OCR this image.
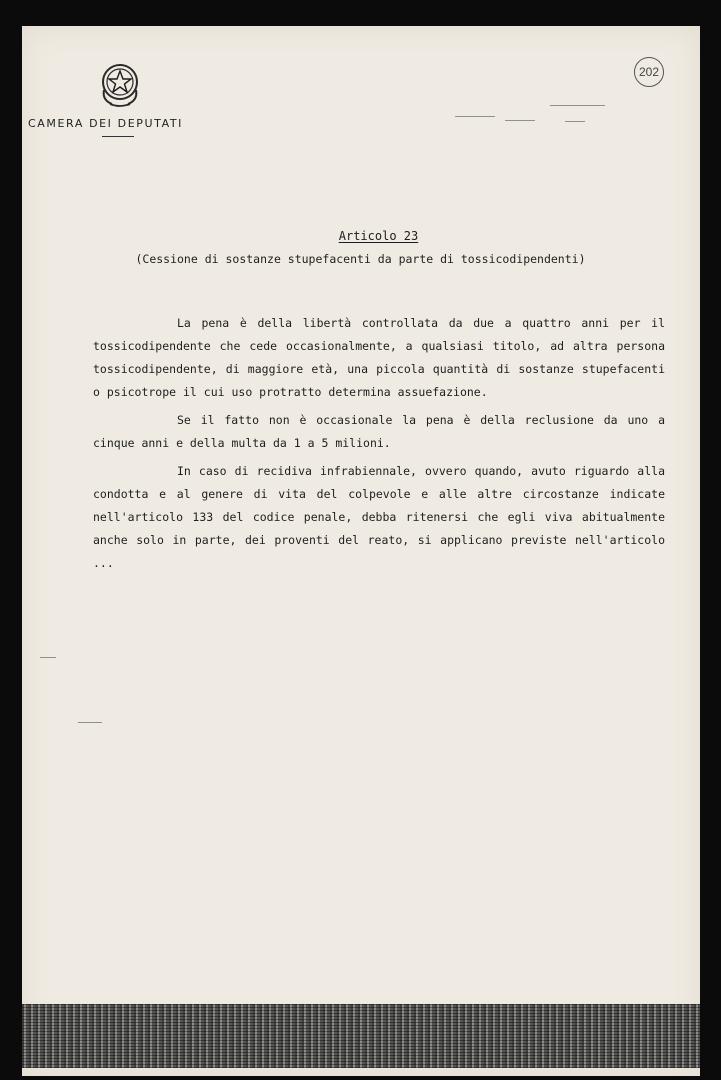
CAMERA DEI DEPUTATI
202
Articolo 23
(Cessione di sostanze stupefacenti da parte di tossicodipendenti)

La pena è della libertà controllata da due a quattro anni per il tossicodipendente che cede occasionalmente, a qualsiasi titolo, ad altra persona tossicodipendente, di maggiore età, una piccola quantità di sostanze stupefacenti o psicotrope il cui uso protratto determina assuefazione.

Se il fatto non è occasionale la pena è della reclusione da uno a cinque anni e della multa da 1 a 5 milioni.

In caso di recidiva infrabiennale, ovvero quando, avuto riguardo alla condotta e al genere di vita del colpevole e alle altre circostanze indicate nell'articolo 133 del codice penale, debba ritenersi che egli viva abitualmente anche solo in parte, dei proventi del reato, si applicano previste nell'articolo ...
